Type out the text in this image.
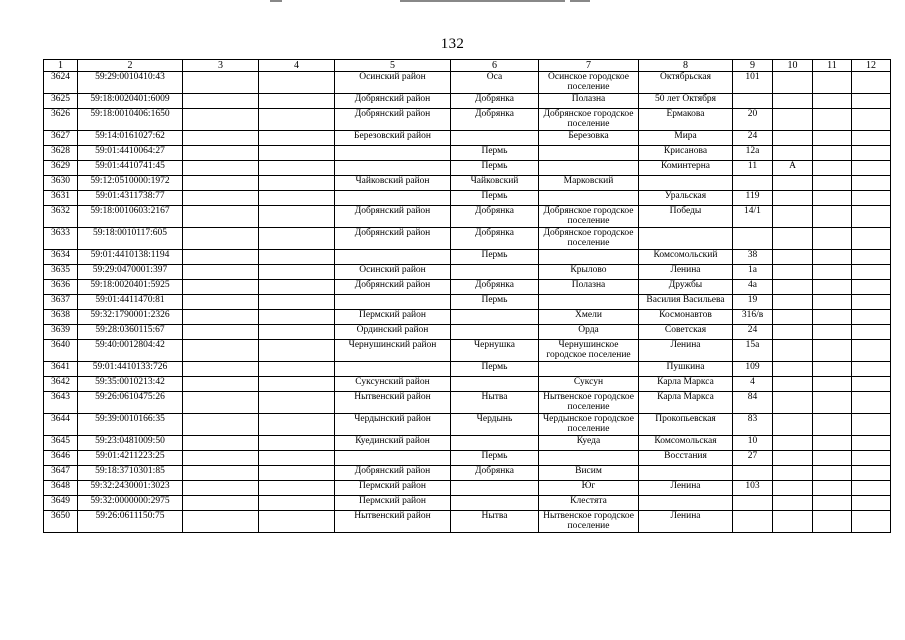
132
1	2	3	4	5	6	7	8	9	10	11	12
3624	59:29:0010410:43			Осинский район	Оса	Осинское городское поселение	Октябрьская	101			
3625	59:18:0020401:6009			Добрянский район	Добрянка	Полазна	50 лет Октября				
3626	59:18:0010406:1650			Добрянский район	Добрянка	Добрянское городское поселение	Ермакова	20			
3627	59:14:0161027:62			Березовский район		Березовка	Мира	24			
3628	59:01:4410064:27				Пермь		Крисанова	12а			
3629	59:01:4410741:45				Пермь		Коминтерна	11	А		
3630	59:12:0510000:1972			Чайковский район	Чайковский	Марковский					
3631	59:01:4311738:77				Пермь		Уральская	119			
3632	59:18:0010603:2167			Добрянский район	Добрянка	Добрянское городское поселение	Победы	14/1			
3633	59:18:0010117:605			Добрянский район	Добрянка	Добрянское городское поселение					
3634	59:01:4410138:1194				Пермь		Комсомольский	38			
3635	59:29:0470001:397			Осинский район		Крылово	Ленина	1а			
3636	59:18:0020401:5925			Добрянский район	Добрянка	Полазна	Дружбы	4а			
3637	59:01:4411470:81				Пермь		Василия Васильева	19			
3638	59:32:1790001:2326			Пермский район		Хмели	Космонавтов	316/в			
3639	59:28:0360115:67			Ординский район		Орда	Советская	24			
3640	59:40:0012804:42			Чернушинский район	Чернушка	Чернушинское городское поселение	Ленина	15а			
3641	59:01:4410133:726				Пермь		Пушкина	109			
3642	59:35:0010213:42			Суксунский район		Суксун	Карла Маркса	4			
3643	59:26:0610475:26			Нытвенский район	Нытва	Нытвенское городское поселение	Карла Маркса	84			
3644	59:39:0010166:35			Чердынский район	Чердынь	Чердынское городское поселение	Прокопьевская	83			
3645	59:23:0481009:50			Куединский район		Куеда	Комсомольская	10			
3646	59:01:4211223:25				Пермь		Восстания	27			
3647	59:18:3710301:85			Добрянский район	Добрянка	Висим					
3648	59:32:2430001:3023			Пермский район		Юг	Ленина	103			
3649	59:32:0000000:2975			Пермский район		Клестята					
3650	59:26:0611150:75			Нытвенский район	Нытва	Нытвенское городское поселение	Ленина				
